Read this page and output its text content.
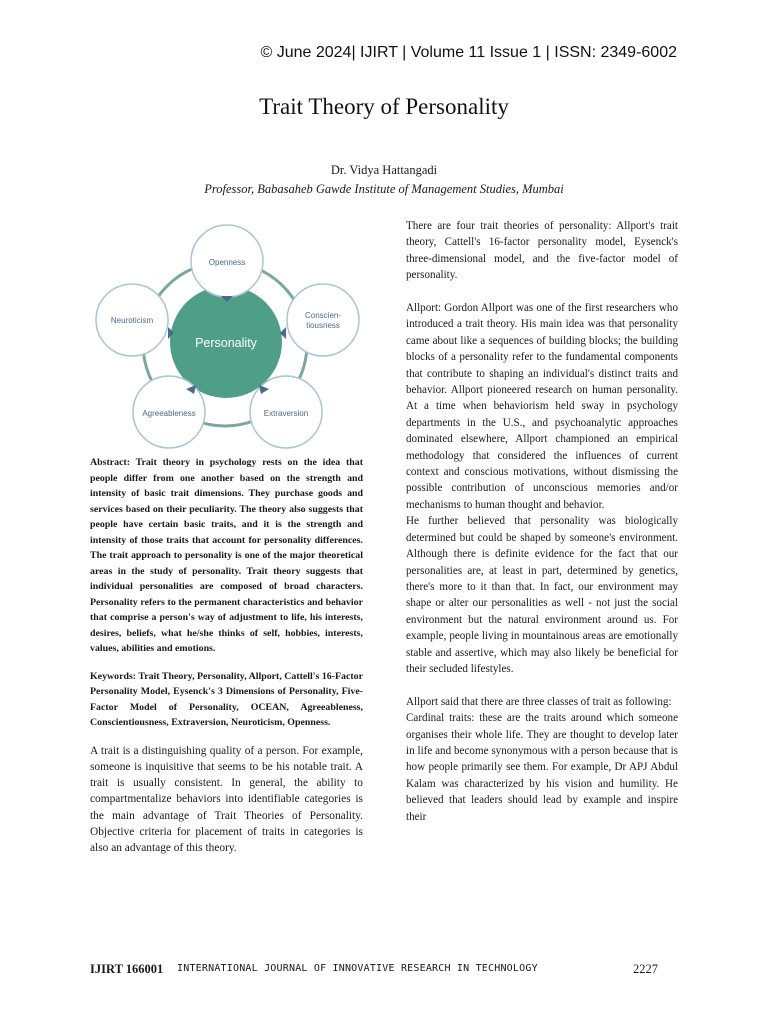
© June 2024| IJIRT | Volume 11 Issue 1 | ISSN: 2349-6002
Trait Theory of Personality
Dr. Vidya Hattangadi
Professor, Babasaheb Gawde Institute of Management Studies, Mumbai
Personality
Openness
Conscien-
tiousness
Extraversion
Agreeableness
Neuroticism

Abstract: Trait theory in psychology rests on the idea that people differ from one another based on the strength and intensity of basic trait dimensions. They purchase goods and services based on their peculiarity. The theory also suggests that people have certain basic traits, and it is the strength and intensity of those traits that account for personality differences. The trait approach to personality is one of the major theoretical areas in the study of personality. Trait theory suggests that individual personalities are composed of broad characters. Personality refers to the permanent characteristics and behavior that comprise a person's way of adjustment to life, his interests, desires, beliefs, what he/she thinks of self, hobbies, interests, values, abilities and emotions.

Keywords: Trait Theory, Personality, Allport, Cattell's 16-Factor Personality Model, Eysenck's 3 Dimensions of Personality, Five-Factor Model of Personality, OCEAN, Agreeableness, Conscientiousness, Extraversion, Neuroticism, Openness.

A trait is a distinguishing quality of a person. For example, someone is inquisitive that seems to be his notable trait. A trait is usually consistent. In general, the ability to compartmentalize behaviors into identifiable categories is the main advantage of Trait Theories of Personality. Objective criteria for placement of traits in categories is also an advantage of this theory.

There are four trait theories of personality: Allport's trait theory, Cattell's 16-factor personality model, Eysenck's three-dimensional model, and the five-factor model of personality.

Allport: Gordon Allport was one of the first researchers who introduced a trait theory. His main idea was that personality came about like a sequences of building blocks; the building blocks of a personality refer to the fundamental components that contribute to shaping an individual's distinct traits and behavior. Allport pioneered research on human personality. At a time when behaviorism held sway in psychology departments in the U.S., and psychoanalytic approaches dominated elsewhere, Allport championed an empirical methodology that considered the influences of current context and conscious motivations, without dismissing the possible contribution of unconscious memories and/or mechanisms to human thought and behavior.

He further believed that personality was biologically determined but could be shaped by someone's environment. Although there is definite evidence for the fact that our personalities are, at least in part, determined by genetics, there's more to it than that. In fact, our environment may shape or alter our personalities as well - not just the social environment but the natural environment around us. For example, people living in mountainous areas are emotionally stable and assertive, which may also likely be beneficial for their secluded lifestyles.

Allport said that there are three classes of trait as following:

Cardinal traits: these are the traits around which someone organises their whole life. They are thought to develop later in life and become synonymous with a person because that is how people primarily see them. For example, Dr APJ Abdul Kalam was characterized by his vision and humility. He believed that leaders should lead by example and inspire their

IJIRT 166001 INTERNATIONAL JOURNAL OF INNOVATIVE RESEARCH IN TECHNOLOGY	2227
